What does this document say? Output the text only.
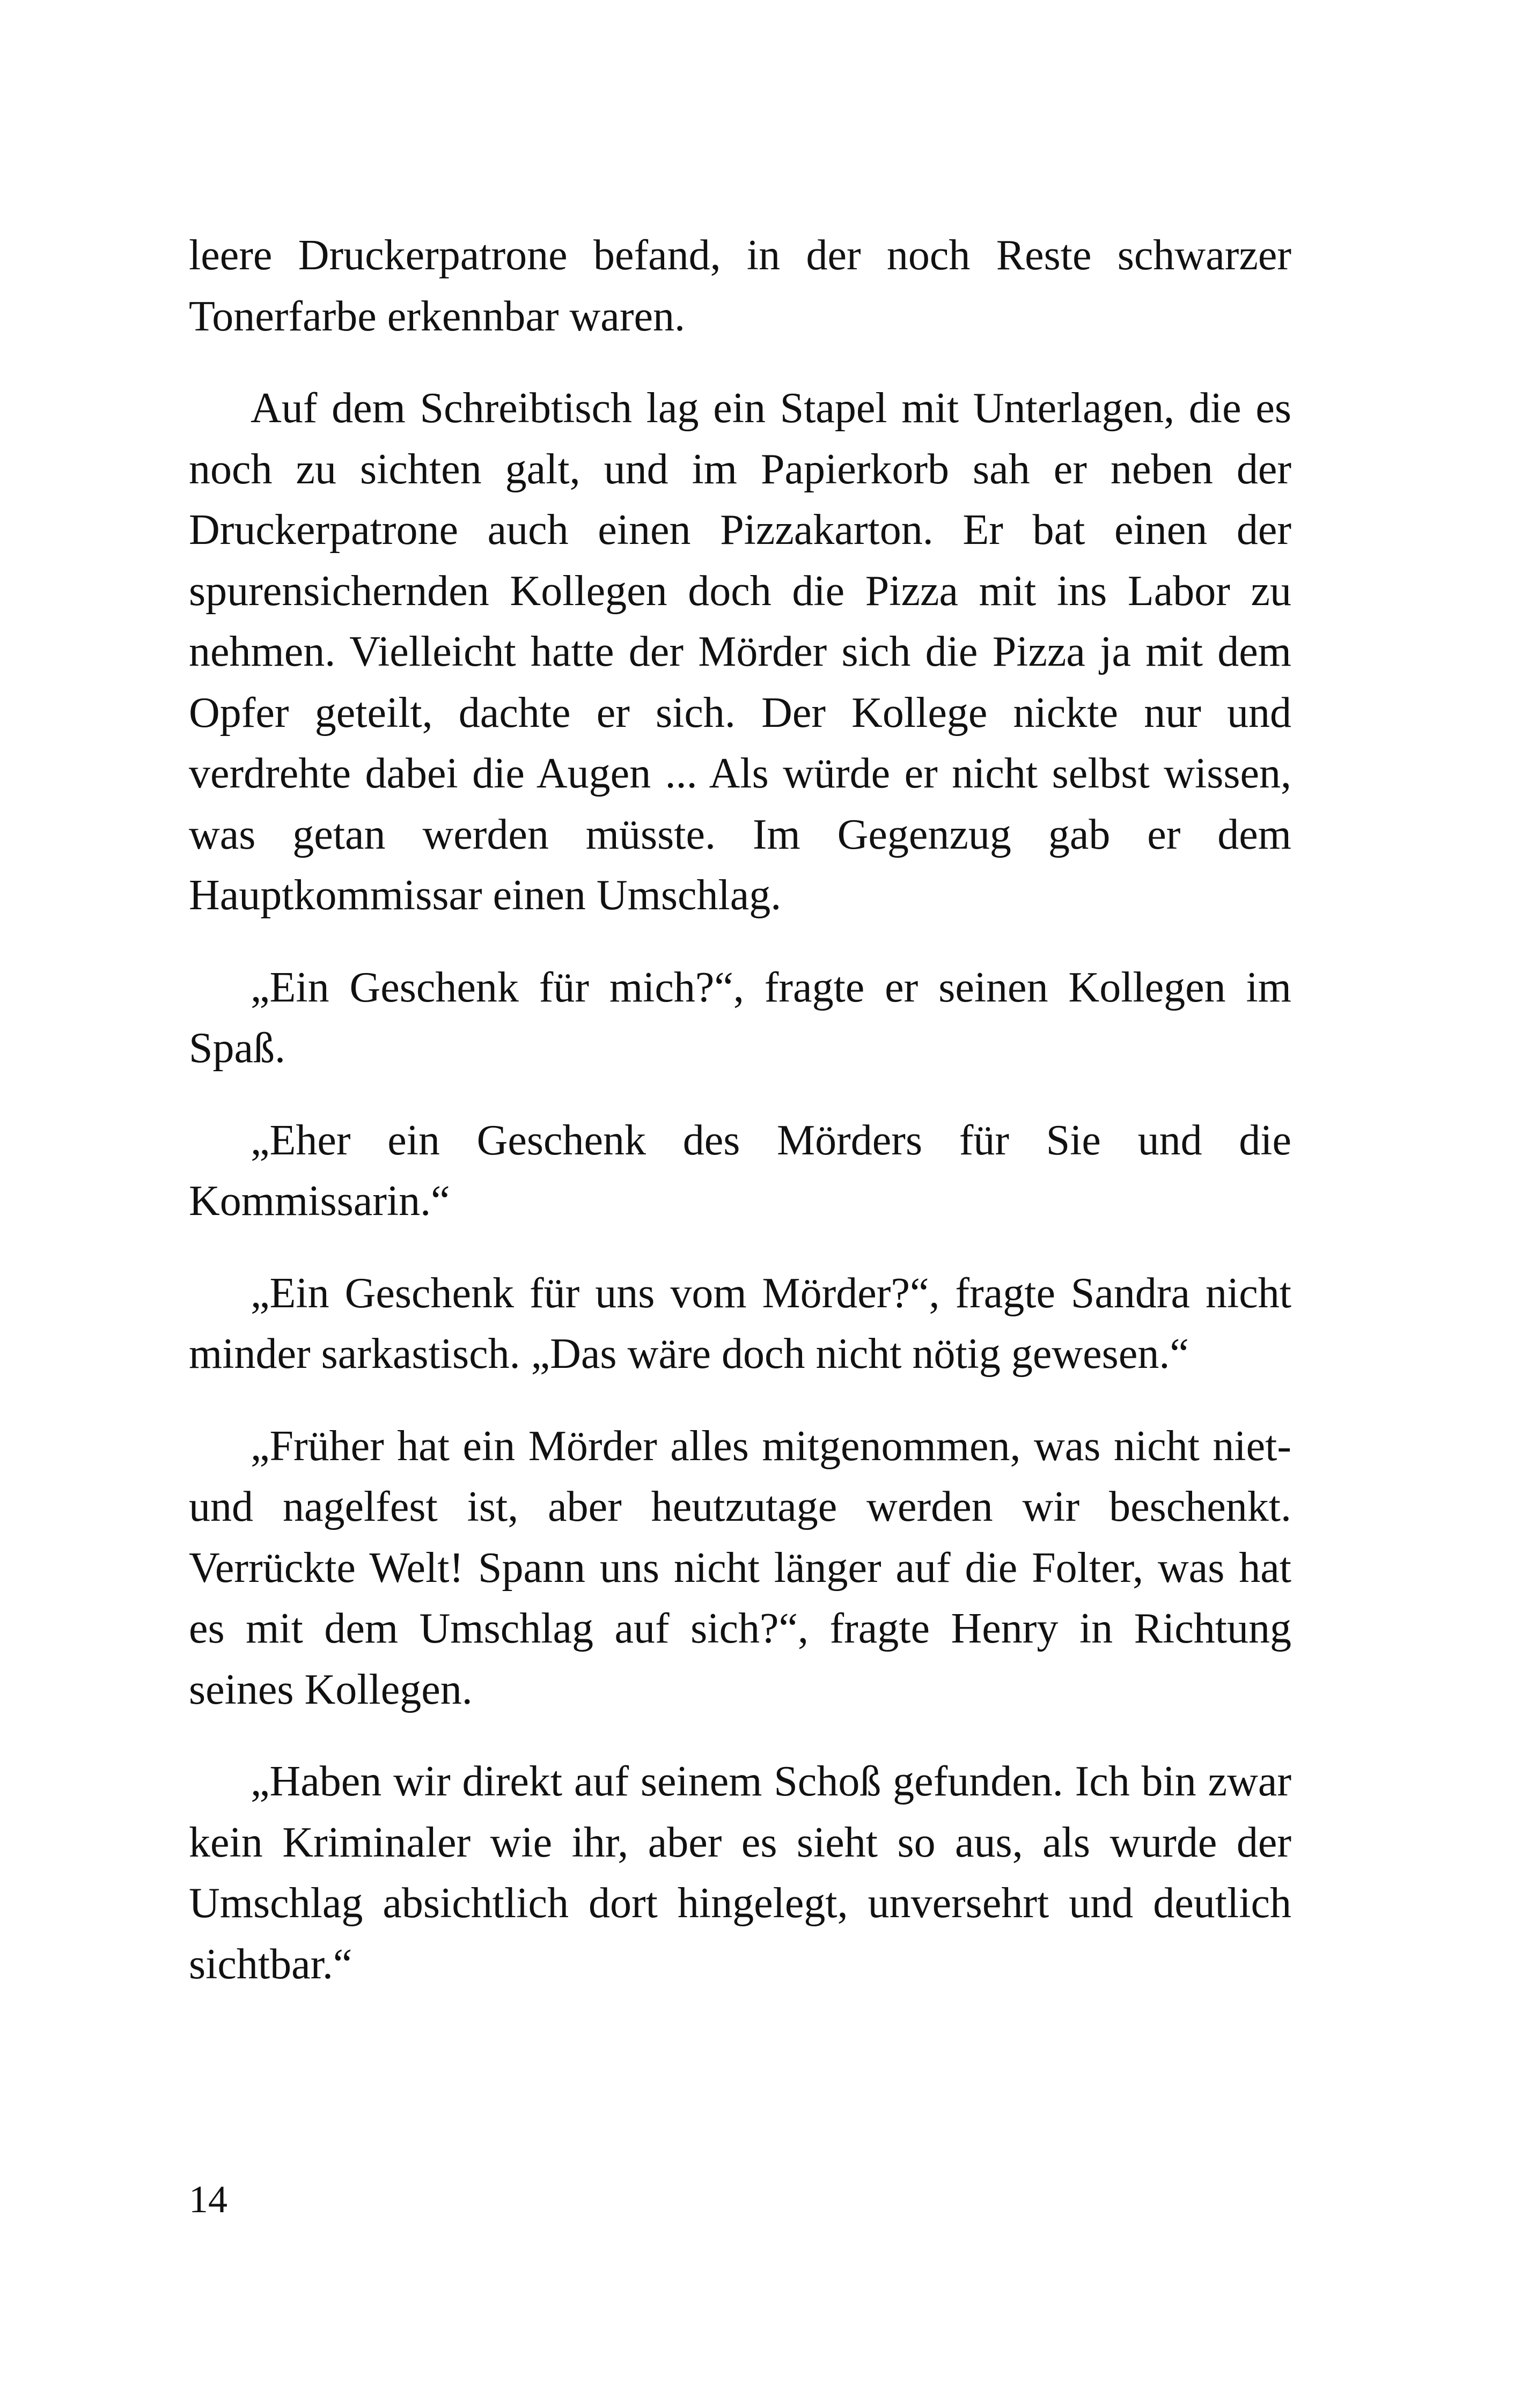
leere Druckerpatrone befand, in der noch Reste schwarzer Tonerfarbe erkennbar waren.

Auf dem Schreibtisch lag ein Stapel mit Unterlagen, die es noch zu sichten galt, und im Papierkorb sah er neben der Druckerpatrone auch einen Pizzakarton. Er bat einen der spurensichernden Kollegen doch die Pizza mit ins Labor zu nehmen. Vielleicht hatte der Mörder sich die Pizza ja mit dem Opfer geteilt, dachte er sich. Der Kollege nickte nur und verdrehte dabei die Augen ... Als würde er nicht selbst wissen, was getan werden müsste. Im Gegenzug gab er dem Hauptkommissar einen Umschlag.

„Ein Geschenk für mich?“, fragte er seinen Kollegen im Spaß.

„Eher ein Geschenk des Mörders für Sie und die Kommissarin.“

„Ein Geschenk für uns vom Mörder?“, fragte Sandra nicht minder sarkastisch. „Das wäre doch nicht nötig gewesen.“

„Früher hat ein Mörder alles mitgenommen, was nicht niet- und nagelfest ist, aber heutzutage werden wir beschenkt. Verrückte Welt! Spann uns nicht länger auf die Folter, was hat es mit dem Umschlag auf sich?“, fragte Henry in Richtung seines Kollegen.

„Haben wir direkt auf seinem Schoß gefunden. Ich bin zwar kein Kriminaler wie ihr, aber es sieht so aus, als wurde der Umschlag absichtlich dort hingelegt, unversehrt und deutlich sichtbar.“

14
